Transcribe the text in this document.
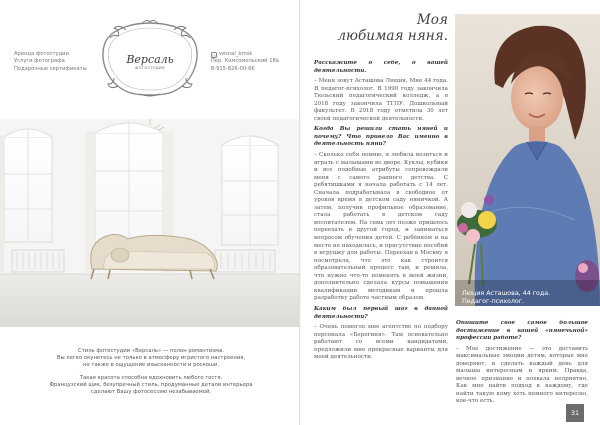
Аренда фотостудии
Услуги фотографа
Подарочные сертификаты
Версаль
ФОТОСТУДИЯ
◎ vesnal_bmsk
Пер. Комсомольский 18а
8-915-826-00-66

Стиль фотостудии «Версаль» — полон романтизма.
Вы легко окунетесь не только в атмосферу игристого настроения,
но также в ощущение изысканности и роскоши.

Такая красота способна вдохновить любого гостя.
Французский шик, безупречный стиль, продуманные детали интерьера
сделают Вашу фотосессию незабываемой.

Моя
любимая няня.

Расскажите о себе, о вашей деятельности.

– Меня зовут Асташова Люция, Мне 44 года. Я педагог-психолог. В 1990 году закончила Тюльский педагогический колледж, а в 2018 году закончила ТГПУ. Дошкольный факультет. В 2018 году отметила 30 лет своей педагогической деятельности.

Когда Вы решили стать няней и почему? Что привело Вас именно в деятельность няни?

– Сколько себя помню, я любила возиться и играть с малышами во дворе. Куклы, кубики и все подобные атрибуты сопровождали меня с самого раннего детства. С ребятишками я начала работать с 14 лет. Сначала подрабатывала в свободное от уроков время в детском саду няничкой. А затем, получив профильное образование, стала работать в детском саду воспитателем. На семь лет позже пришлось переехать в другой город, и заниматься вопросом обучения детей. С ребёнком и на месте не находилась, и присутствие пособий в игрушку для работы. Переехав в Москву я посмотрела, что это как строится образовательный процесс там, и решила, что нужно что-то поменять в моей жизни, дополнительно сделала курсы повышения квалификации методикам и прошла разработку работе частным образом.

Каким был первый шаг в данной деятельности?

– Очень помогло мне агентство по подбору персонала «Берегиня». Там основательно работают со всеми кандидатами, предложили мне прекрасные варианты для моей деятельности.

Люция Асташова, 44 года.
Педагог-психолог.

Опишите свое самое большое достижение в вашей «нянечьной» профессии работе?

– Мое достижение — это доставить максимальные эмоции детям, которые мне доверяют, и сделать каждый день для малыша интересным и ярким. Правда, вечное признание и похвала неприятно. Как мне найти подход к каждому, где найти такую кому хоть немного интересно, кое-что есть.

31
